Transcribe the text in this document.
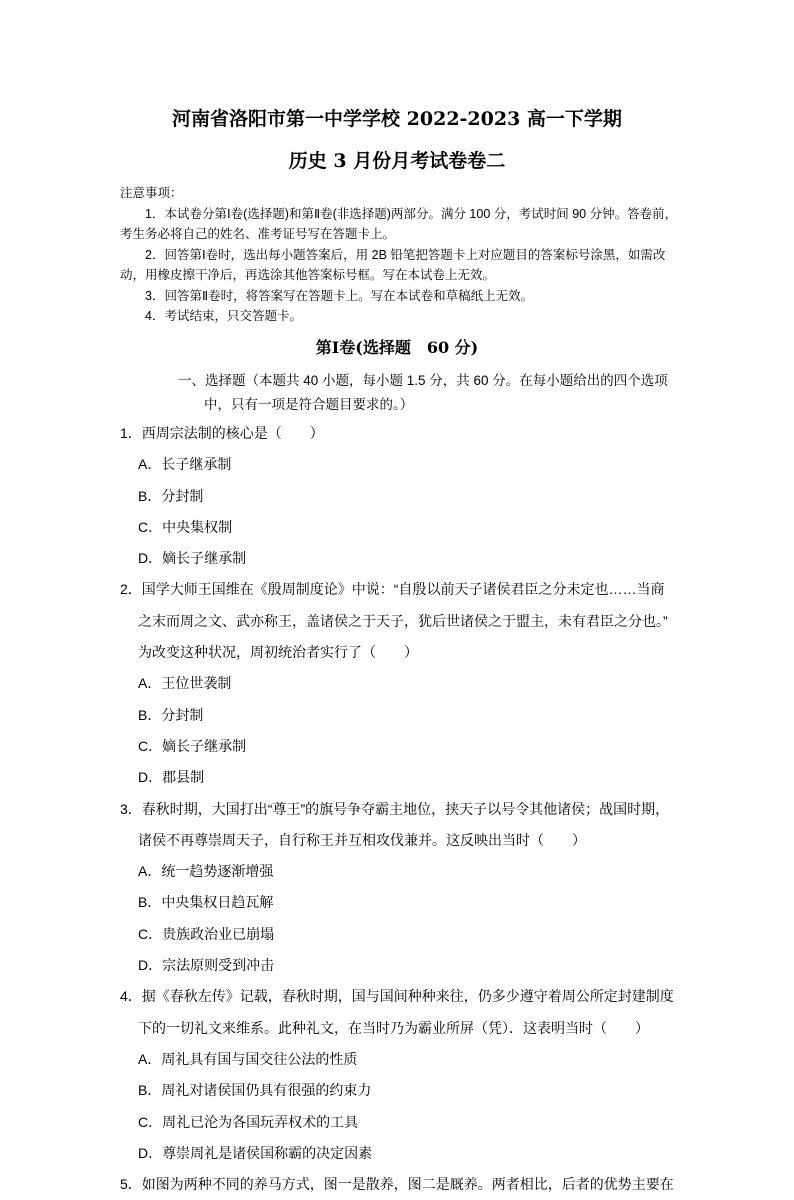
河南省洛阳市第一中学学校 2022-2023 高一下学期
历史 3 月份月考试卷卷二
注意事项：
1．本试卷分第Ⅰ卷(选择题)和第Ⅱ卷(非选择题)两部分。满分 100 分，考试时间 90 分钟。答卷前，考生务必将自己的姓名、准考证号写在答题卡上。
2．回答第Ⅰ卷时，选出每小题答案后，用 2B 铅笔把答题卡上对应题目的答案标号涂黑，如需改动，用橡皮擦干净后，再选涂其他答案标号框。写在本试卷上无效。
3．回答第Ⅱ卷时，将答案写在答题卡上。写在本试卷和草稿纸上无效。
4．考试结束，只交答题卡。
第Ⅰ卷(选择题　60 分)
一、选择题（本题共 40 小题，每小题 1.5 分，共 60 分。在每小题给出的四个选项
中，只有一项是符合题目要求的。）
1．西周宗法制的核心是（　　）
A．长子继承制
B．分封制
C．中央集权制
D．嫡长子继承制
2．国学大师王国维在《殷周制度论》中说：“自殷以前天子诸侯君臣之分未定也……当商
之末而周之文、武亦称王，盖诸侯之于天子，犹后世诸侯之于盟主，未有君臣之分也。”
为改变这种状况，周初统治者实行了（　　）
A．王位世袭制
B．分封制
C．嫡长子继承制
D．郡县制
3．春秋时期，大国打出“尊王”的旗号争夺霸主地位，挟天子以号令其他诸侯；战国时期，
诸侯不再尊崇周天子，自行称王并互相攻伐兼并。这反映出当时（　　）
A．统一趋势逐渐增强
B．中央集权日趋瓦解
C．贵族政治业已崩塌
D．宗法原则受到冲击
4．据《春秋左传》记载，春秋时期，国与国间种种来往，仍多少遵守着周公所定封建制度
下的一切礼文来维系。此种礼文，在当时乃为霸业所屏（凭）．这表明当时（　　）
A．周礼具有国与国交往公法的性质
B．周礼对诸侯国仍具有很强的约束力
C．周礼已沦为各国玩弄权术的工具
D．尊崇周礼是诸侯国称霸的决定因素
5．如图为两种不同的养马方式，图一是散养，图二是厩养。两者相比，后者的优势主要在
